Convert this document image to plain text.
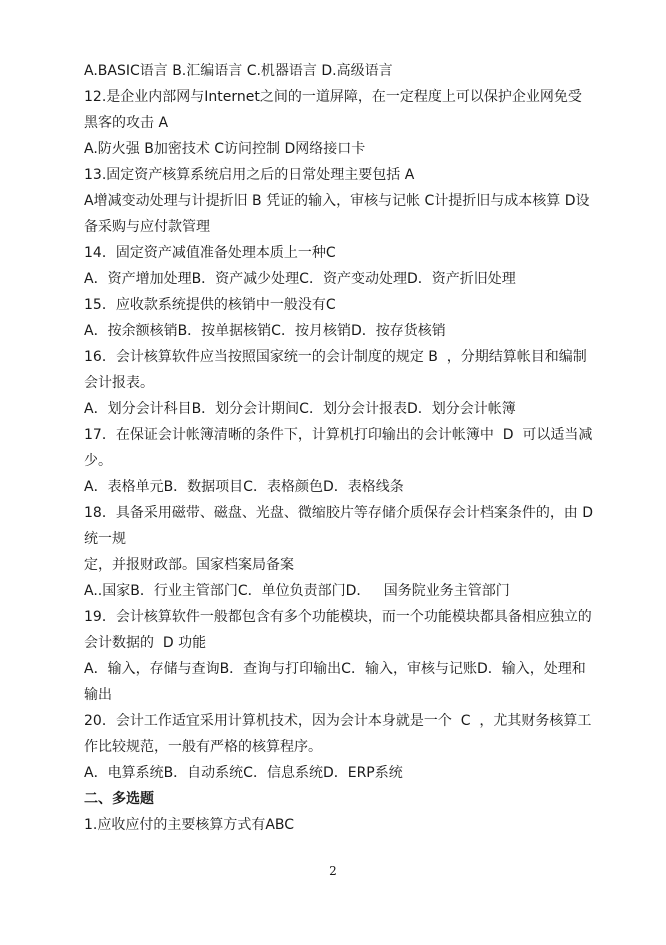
A.BASIC语言 B.汇编语言 C.机器语言 D.高级语言

12.是企业内部网与Internet之间的一道屏障，在一定程度上可以保护企业网免受

黑客的攻击 A

A.防火强 B加密技术 C访问控制 D网络接口卡

13.固定资产核算系统启用之后的日常处理主要包括 A

A增减变动处理与计提折旧 B 凭证的输入，审核与记帐 C计提折旧与成本核算 D设

备采购与应付款管理

14．固定资产减值准备处理本质上一种C

A．资产增加处理B．资产减少处理C．资产变动处理D．资产折旧处理

15．应收款系统提供的核销中一般没有C

A．按余额核销B．按单据核销C．按月核销D．按存货核销

16．会计核算软件应当按照国家统一的会计制度的规定 B  ，分期结算帐目和编制

会计报表。

A．划分会计科目B．划分会计期间C．划分会计报表D．划分会计帐簿

17．在保证会计帐簿清晰的条件下，计算机打印输出的会计帐簿中  D  可以适当减

少。

A．表格单元B．数据项目C．表格颜色D．表格线条

18．具备采用磁带、磁盘、光盘、微缩胶片等存储介质保存会计档案条件的，由 D

统一规

定，并报财政部。国家档案局备案

A..国家B．行业主管部门C．单位负责部门D．   国务院业务主管部门

19．会计核算软件一般都包含有多个功能模块，而一个功能模块都具备相应独立的

会计数据的  D 功能

A．输入，存储与查询B．查询与打印输出C．输入，审核与记账D．输入，处理和

输出

20．会计工作适宜采用计算机技术，因为会计本身就是一个  C  ，尤其财务核算工

作比较规范，一般有严格的核算程序。

A．电算系统B．自动系统C．信息系统D．ERP系统

二、多选题

1.应收应付的主要核算方式有ABC

2
